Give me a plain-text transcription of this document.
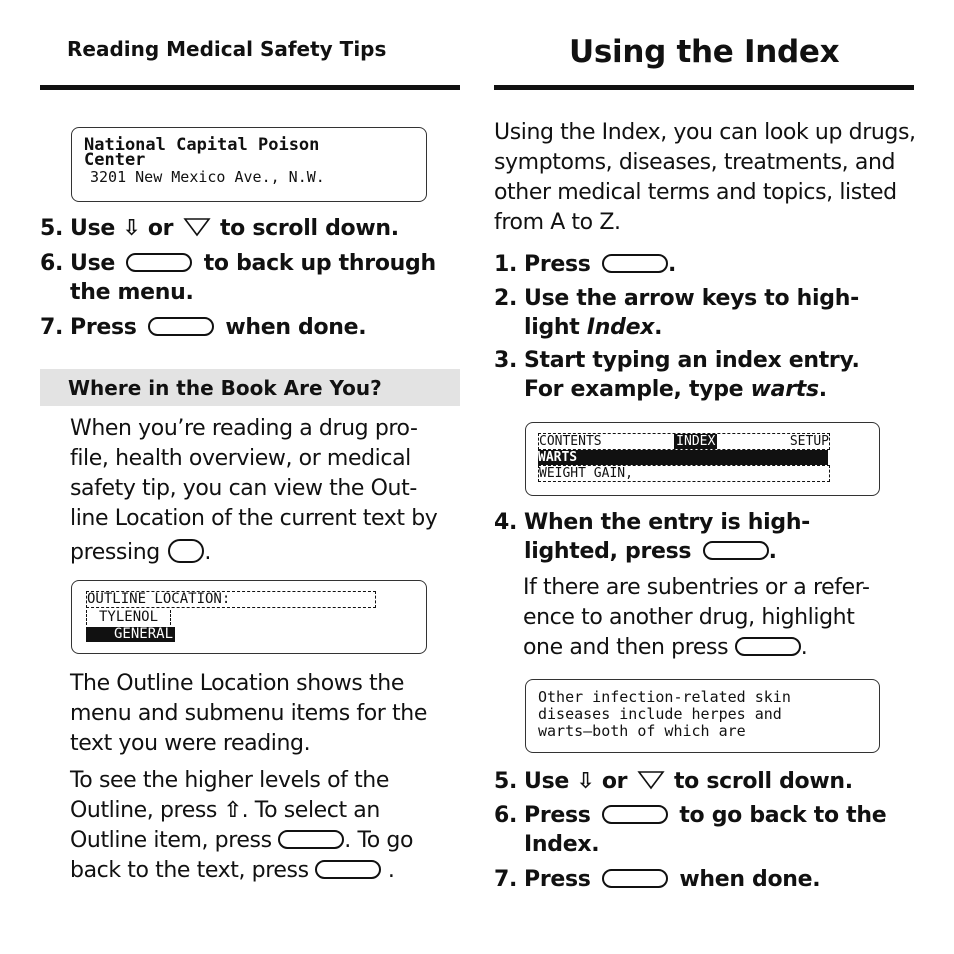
Reading Medical Safety Tips
National Capital Poison
Center
3201 New Mexico Ave., N.W.
5. Use ⇩ or to scroll down.
6. Use	to back up through
the menu.
7. Press	when done.
Where in the Book Are You?
When you’re reading a drug pro-
file, health overview, or medical
safety tip, you can view the Out-
line Location of the current text by
pressing .
OUTLINE LOCATION:
TYLENOL
GENERAL
The Outline Location shows the
menu and submenu items for the
text you were reading.
To see the higher levels of the
Outline, press ⇧. To select an
Outline item, press	. To go
back to the text, press	.
Using the Index
Using the Index, you can look up drugs,
symptoms, diseases, treatments, and
other medical terms and topics, listed
from A to Z.
1. Press	.
2. Use the arrow keys to high-
light Index.
3. Start typing an index entry.
For example, type warts.
CONTENTS	INDEX	SETUP
WARTS
WEIGHT GAIN,
4. When the entry is high-
lighted, press	.
If there are subentries or a refer-
ence to another drug, highlight
one and then press	.
Other infection-related skin
diseases include herpes and
warts—both of which are
5. Use ⇩ or to scroll down.
6. Press	to go back to the
Index.
7. Press	when done.
